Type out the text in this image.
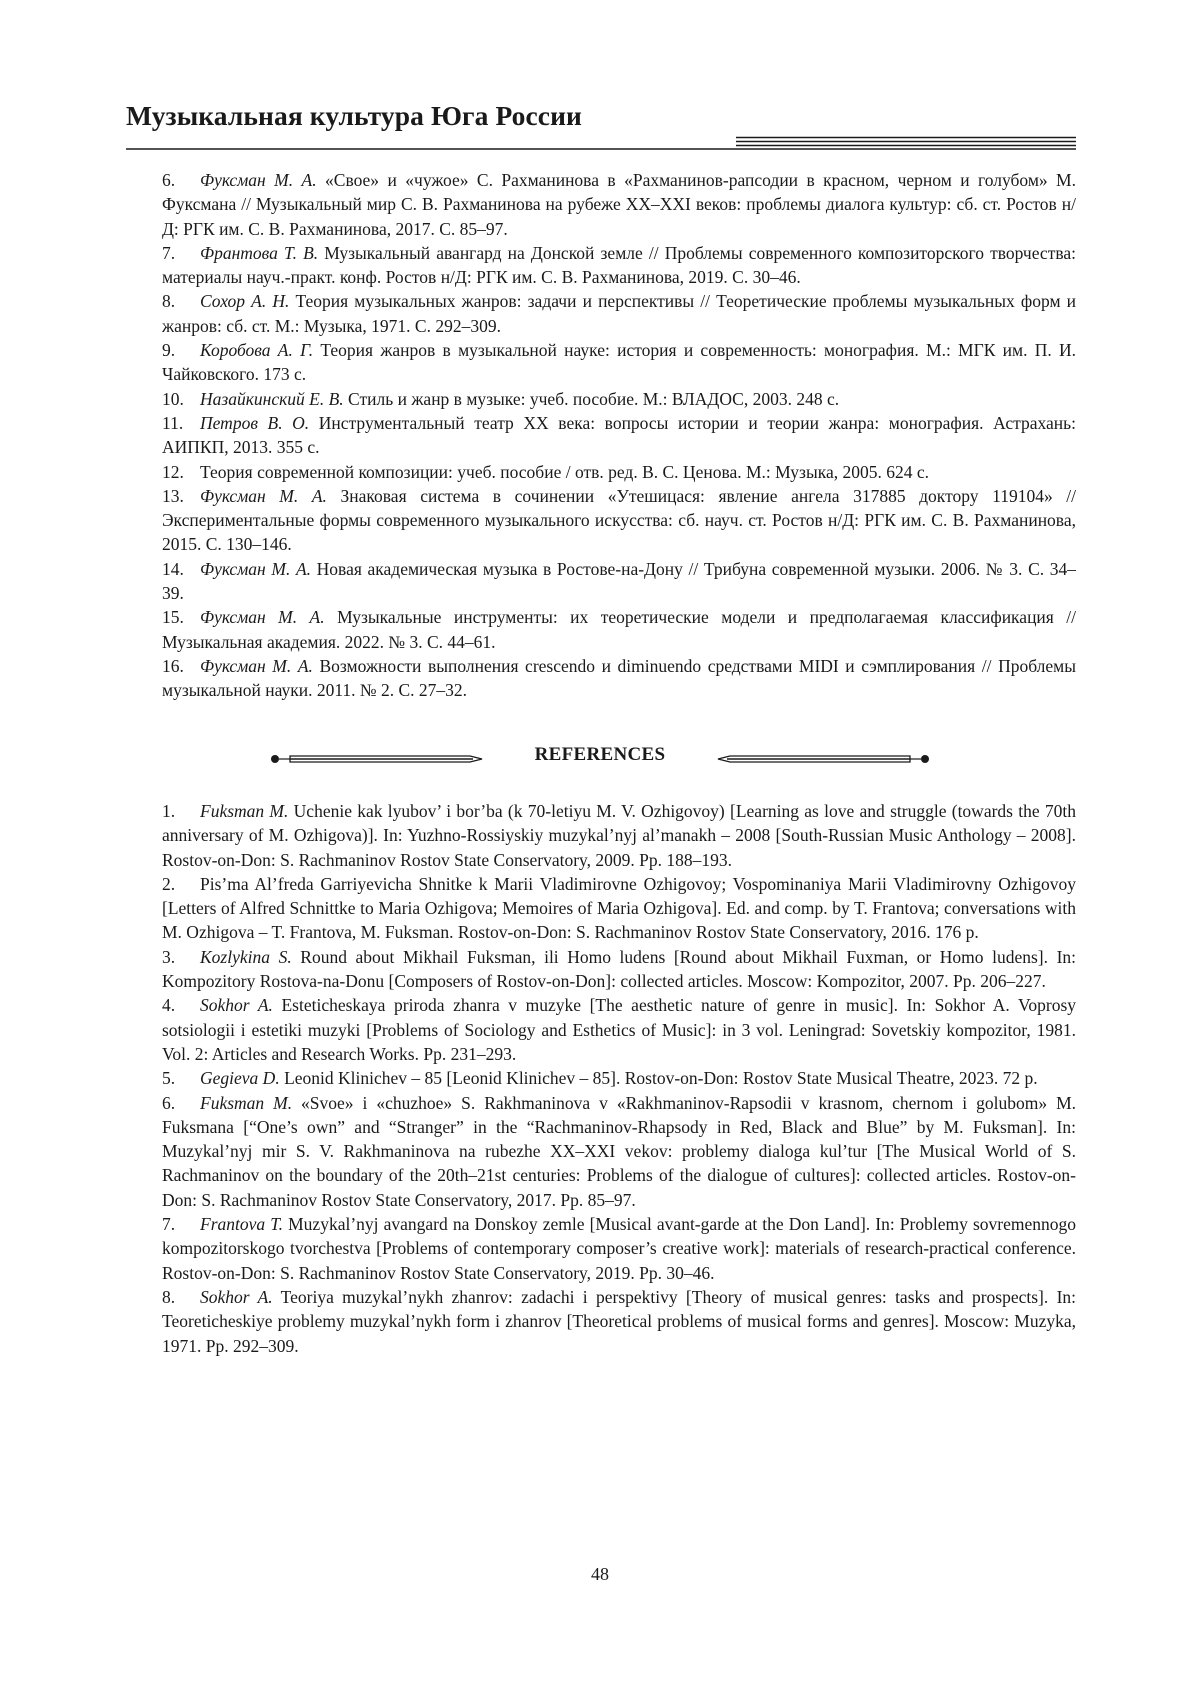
Музыкальная культура Юга России

6. Фуксман М. А. «Свое» и «чужое» С. Рахманинова в «Рахманинов-рапсодии в красном, черном и голубом» М. Фуксмана // Музыкальный мир С. В. Рахманинова на рубеже XX–XXI веков: проблемы диалога культур: сб. ст. Ростов н/Д: РГК им. С. В. Рахманинова, 2017. С. 85–97.

7. Франтова Т. В. Музыкальный авангард на Донской земле // Проблемы современного композиторского творчества: материалы науч.-практ. конф. Ростов н/Д: РГК им. С. В. Рахманинова, 2019. С. 30–46.

8. Сохор А. Н. Теория музыкальных жанров: задачи и перспективы // Теоретические проблемы музыкальных форм и жанров: сб. ст. М.: Музыка, 1971. С. 292–309.

9. Коробова А. Г. Теория жанров в музыкальной науке: история и современность: монография. М.: МГК им. П. И. Чайковского. 173 с.

10. Назайкинский Е. В. Стиль и жанр в музыке: учеб. пособие. М.: ВЛАДОС, 2003. 248 с.

11. Петров В. О. Инструментальный театр XX века: вопросы истории и теории жанра: монография. Астрахань: АИПКП, 2013. 355 с.

12. Теория современной композиции: учеб. пособие / отв. ред. В. С. Ценова. М.: Музыка, 2005. 624 с.

13. Фуксман М. А. Знаковая система в сочинении «Утешицася: явление ангела 317885 доктору 119104» // Экспериментальные формы современного музыкального искусства: сб. науч. ст. Ростов н/Д: РГК им. С. В. Рахманинова, 2015. С. 130–146.

14. Фуксман М. А. Новая академическая музыка в Ростове-на-Дону // Трибуна современной музыки. 2006. № 3. С. 34–39.

15. Фуксман М. А. Музыкальные инструменты: их теоретические модели и предполагаемая классификация // Музыкальная академия. 2022. № 3. С. 44–61.

16. Фуксман М. А. Возможности выполнения crescendo и diminuendo средствами MIDI и сэмплирования // Проблемы музыкальной науки. 2011. № 2. С. 27–32.

REFERENCES

1. Fuksman M. Uchenie kak lyubov’ i bor’ba (k 70-letiyu M. V. Ozhigovoy) [Learning as love and struggle (towards the 70th anniversary of M. Ozhigova)]. In: Yuzhno-Rossiyskiy muzykal’nyj al’manakh – 2008 [South-Russian Music Anthology – 2008]. Rostov-on-Don: S. Rachmaninov Rostov State Conservatory, 2009. Pp. 188–193.

2. Pis’ma Al’freda Garriyevicha Shnitke k Marii Vladimirovne Ozhigovoy; Vospominaniya Marii Vladimirovny Ozhigovoy [Letters of Alfred Schnittke to Maria Ozhigova; Memoires of Maria Ozhigova]. Ed. and comp. by T. Frantova; conversations with M. Ozhigova – T. Frantova, M. Fuksman. Rostov-on-Don: S. Rachmaninov Rostov State Conservatory, 2016. 176 p.

3. Kozlykina S. Round about Mikhail Fuksman, ili Homo ludens [Round about Mikhail Fuxman, or Homo ludens]. In: Kompozitory Rostova-na-Donu [Composers of Rostov-on-Don]: collected articles. Moscow: Kompozitor, 2007. Pp. 206–227.

4. Sokhor A. Esteticheskaya priroda zhanra v muzyke [The aesthetic nature of genre in music]. In: Sokhor A. Voprosy sotsiologii i estetiki muzyki [Problems of Sociology and Esthetics of Music]: in 3 vol. Leningrad: Sovetskiy kompozitor, 1981. Vol. 2: Articles and Research Works. Pp. 231–293.

5. Gegieva D. Leonid Klinichev – 85 [Leonid Klinichev – 85]. Rostov-on-Don: Rostov State Musical Theatre, 2023. 72 p.

6. Fuksman M. «Svoe» i «chuzhoe» S. Rakhmaninova v «Rakhmaninov-Rapsodii v krasnom, chernom i golubom» M. Fuksmana [“One’s own” and “Stranger” in the “Rachmaninov-Rhapsody in Red, Black and Blue” by M. Fuksman]. In: Muzykal’nyj mir S. V. Rakhmaninova na rubezhe XX–XXI vekov: problemy dialoga kul’tur [The Musical World of S. Rachmaninov on the boundary of the 20th–21st centuries: Problems of the dialogue of cultures]: collected articles. Rostov-on-Don: S. Rachmaninov Rostov State Conservatory, 2017. Pp. 85–97.

7. Frantova T. Muzykal’nyj avangard na Donskoy zemle [Musical avant-garde at the Don Land]. In: Problemy sovremennogo kompozitorskogo tvorchestva [Problems of contemporary composer’s creative work]: materials of research-practical conference. Rostov-on-Don: S. Rachmaninov Rostov State Conservatory, 2019. Pp. 30–46.

8. Sokhor A. Teoriya muzykal’nykh zhanrov: zadachi i perspektivy [Theory of musical genres: tasks and prospects]. In: Teoreticheskiye problemy muzykal’nykh form i zhanrov [Theoretical problems of musical forms and genres]. Moscow: Muzyka, 1971. Pp. 292–309.

48
